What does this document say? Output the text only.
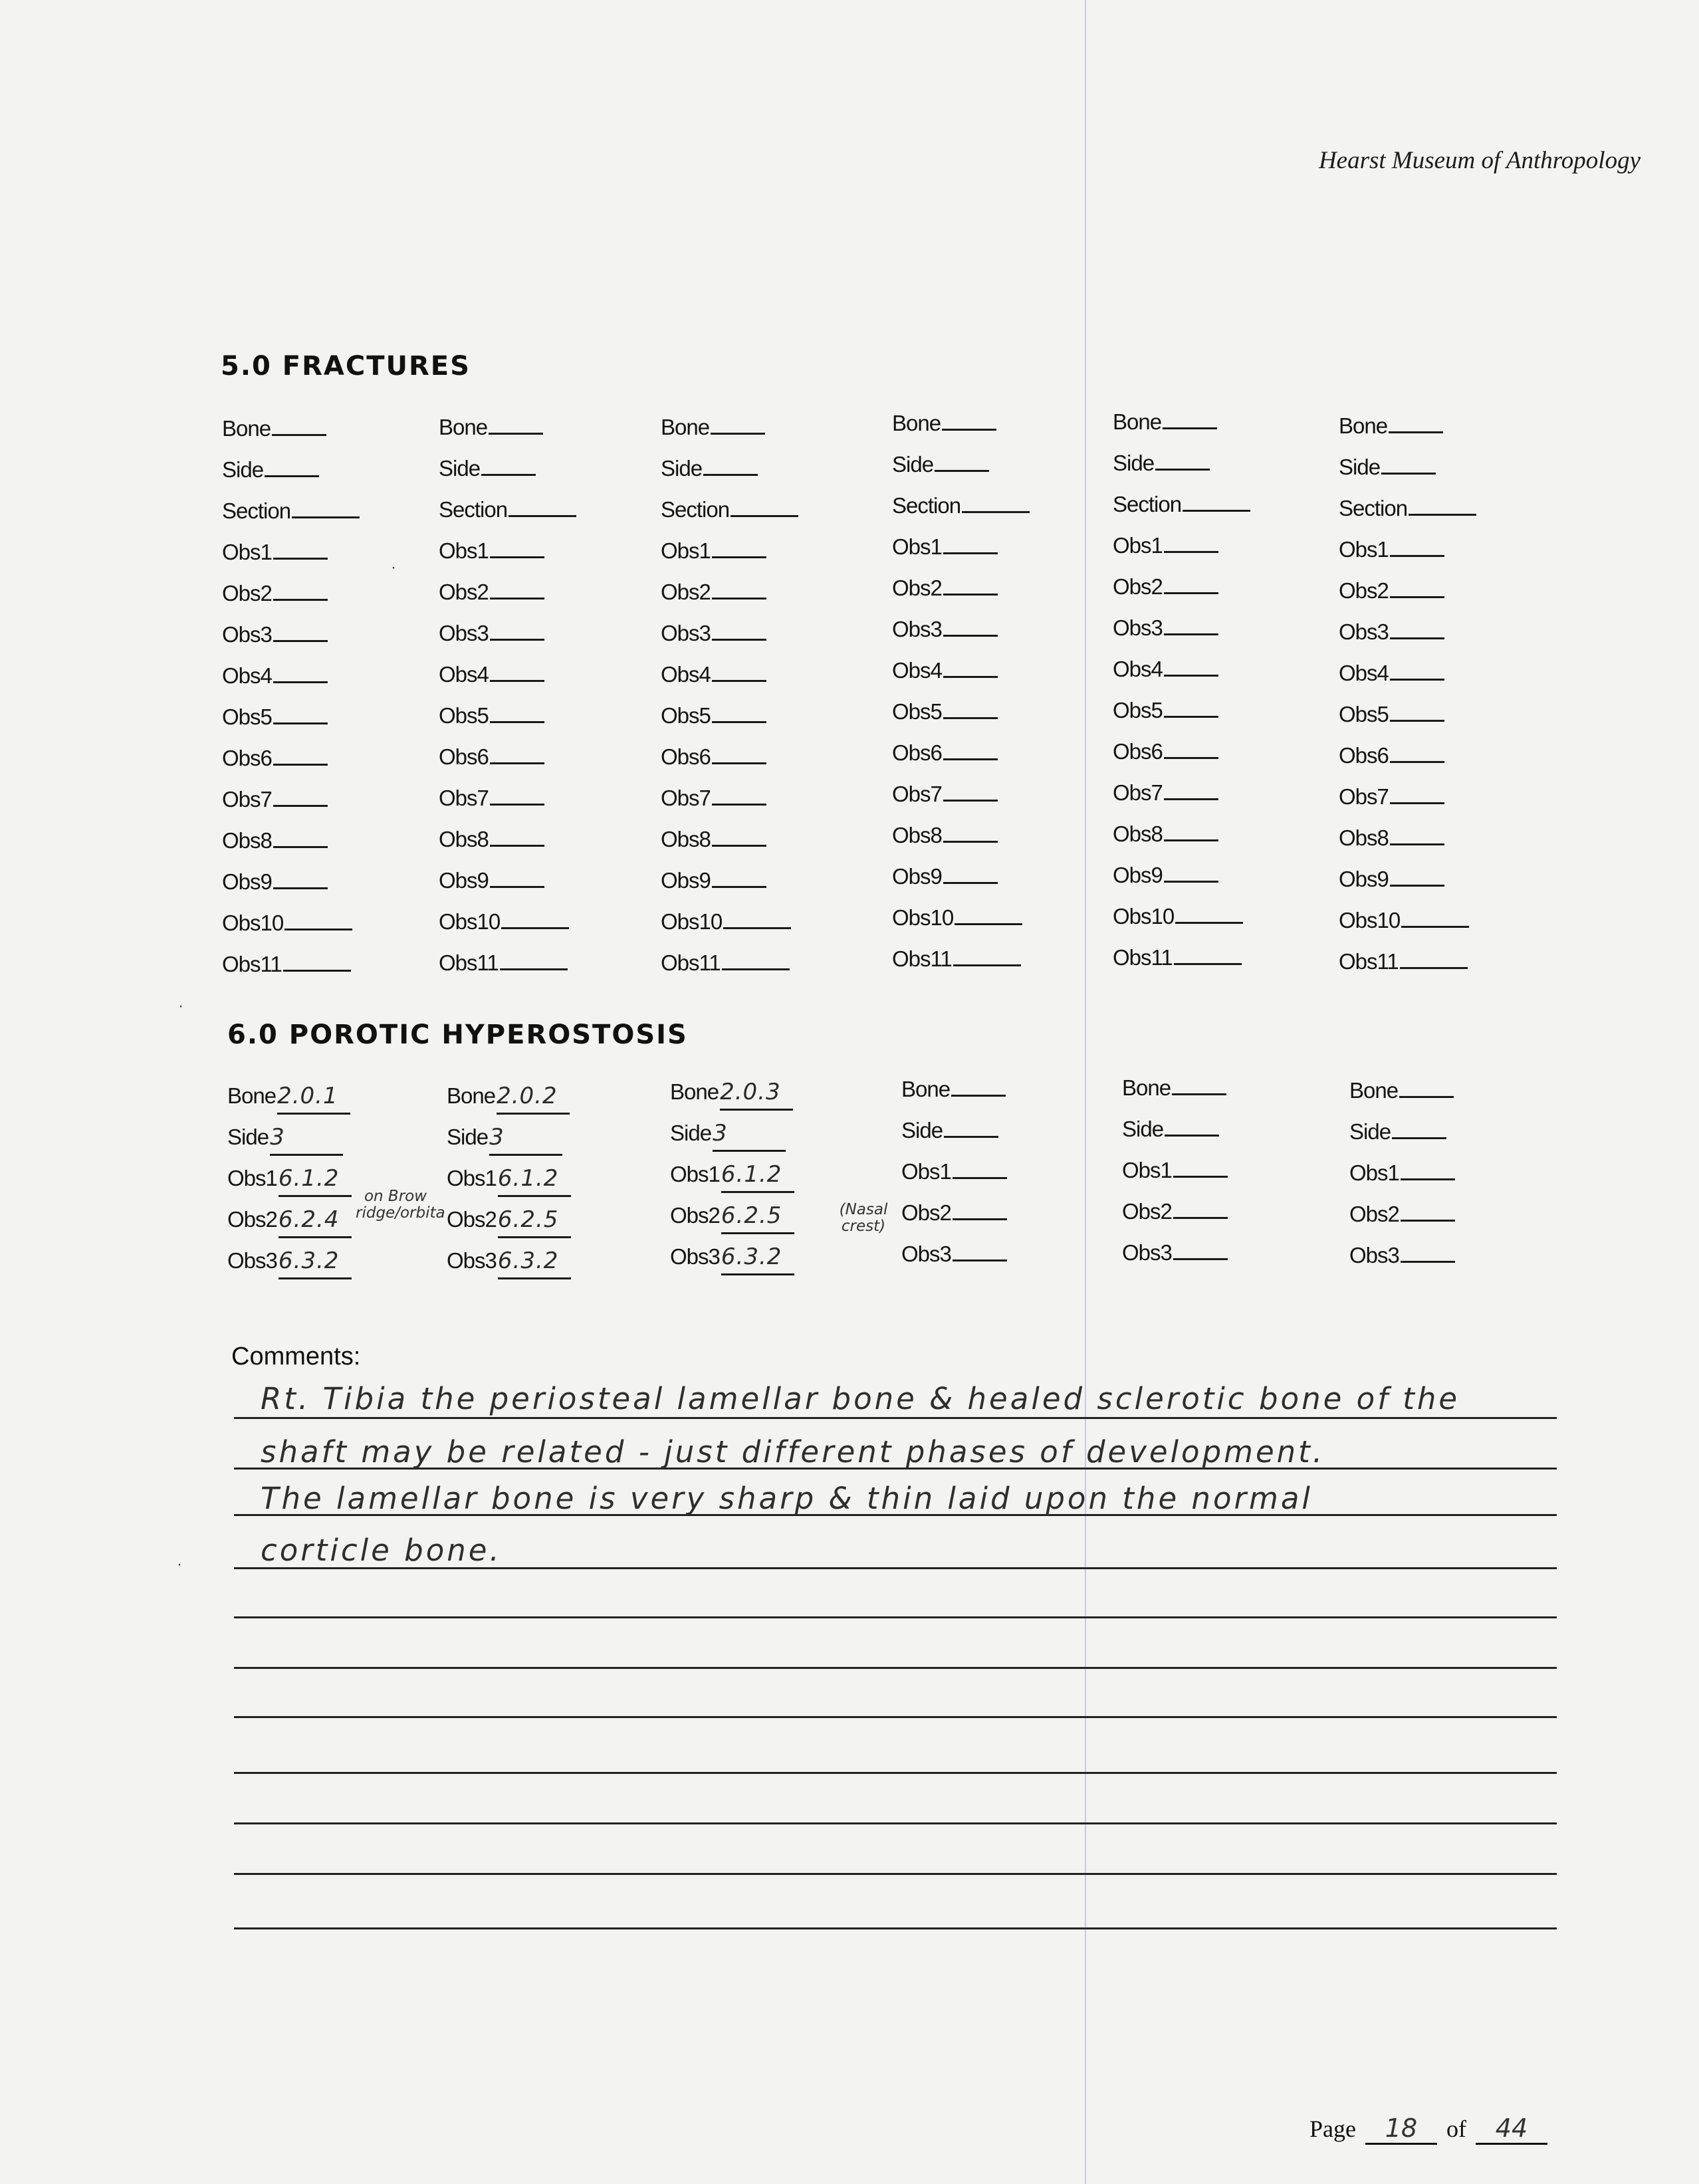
Hearst Museum of Anthropology
5.0 FRACTURES
Bone
Side
Section
Obs1
Obs2
Obs3
Obs4
Obs5
Obs6
Obs7
Obs8
Obs9
Obs10
Obs11
Bone
Side
Section
Obs1
Obs2
Obs3
Obs4
Obs5
Obs6
Obs7
Obs8
Obs9
Obs10
Obs11
Bone
Side
Section
Obs1
Obs2
Obs3
Obs4
Obs5
Obs6
Obs7
Obs8
Obs9
Obs10
Obs11
Bone
Side
Section
Obs1
Obs2
Obs3
Obs4
Obs5
Obs6
Obs7
Obs8
Obs9
Obs10
Obs11
Bone
Side
Section
Obs1
Obs2
Obs3
Obs4
Obs5
Obs6
Obs7
Obs8
Obs9
Obs10
Obs11
Bone
Side
Section
Obs1
Obs2
Obs3
Obs4
Obs5
Obs6
Obs7
Obs8
Obs9
Obs10
Obs11
6.0 POROTIC HYPEROSTOSIS
Bone 2.0.1
Side 3
Obs1 6.1.2
Obs2 6.2.4
Obs3 6.3.2
Bone 2.0.2
Side 3
Obs1 6.1.2
Obs2 6.2.5
Obs3 6.3.2
Bone 2.0.3
Side 3
Obs1 6.1.2
Obs2 6.2.5
Obs3 6.3.2
Bone
Side
Obs1
Obs2
Obs3
Bone
Side
Obs1
Obs2
Obs3
Bone
Side
Obs1
Obs2
Obs3
on Brow ridge/orbita	(Nasal crest)
Comments:
Rt. Tibia the periosteal lamellar bone & healed sclerotic bone of the
shaft may be related - just different phases of development.
The lamellar bone is very sharp & thin laid upon the normal
corticle bone.
Page	18	of	44
·
·
·
